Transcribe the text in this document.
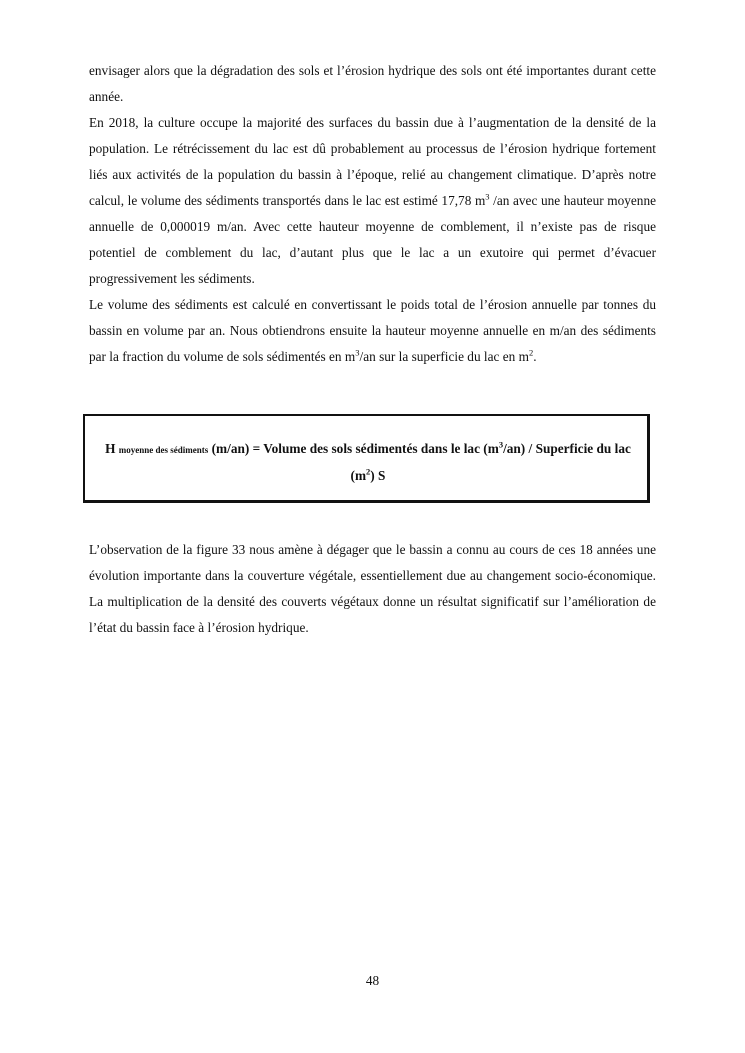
envisager alors que la dégradation des sols et l’érosion hydrique des sols ont été importantes durant cette année.

En 2018, la culture occupe la majorité des surfaces du bassin due à l’augmentation de la densité de la population. Le rétrécissement du lac est dû probablement au processus de l’érosion hydrique fortement liés aux activités de la population du bassin à l’époque, relié au changement climatique. D’après notre calcul, le volume des sédiments transportés dans le lac est estimé 17,78 $m^3$ /an avec une hauteur moyenne annuelle de 0,000019 m/an. Avec cette hauteur moyenne de comblement, il n’existe pas de risque potentiel de comblement du lac, d’autant plus que le lac a un exutoire qui permet d’évacuer progressivement les sédiments.

Le volume des sédiments est calculé en convertissant le poids total de l’érosion annuelle par tonnes du bassin en volume par an. Nous obtiendrons ensuite la hauteur moyenne annuelle en m/an des sédiments par la fraction du volume de sols sédimentés en $m^3/an$ sur la superficie du lac en $m^2$.

H moyenne des sédiments (m/an) = Volume des sols sédimentés dans le lac $(m^3/an)$ / Superficie du lac $(m^2)$ S

L’observation de la figure 33 nous amène à dégager que le bassin a connu au cours de ces 18 années une évolution importante dans la couverture végétale, essentiellement due au changement socio-économique. La multiplication de la densité des couverts végétaux donne un résultat significatif sur l’amélioration de l’état du bassin face à l’érosion hydrique.

48
